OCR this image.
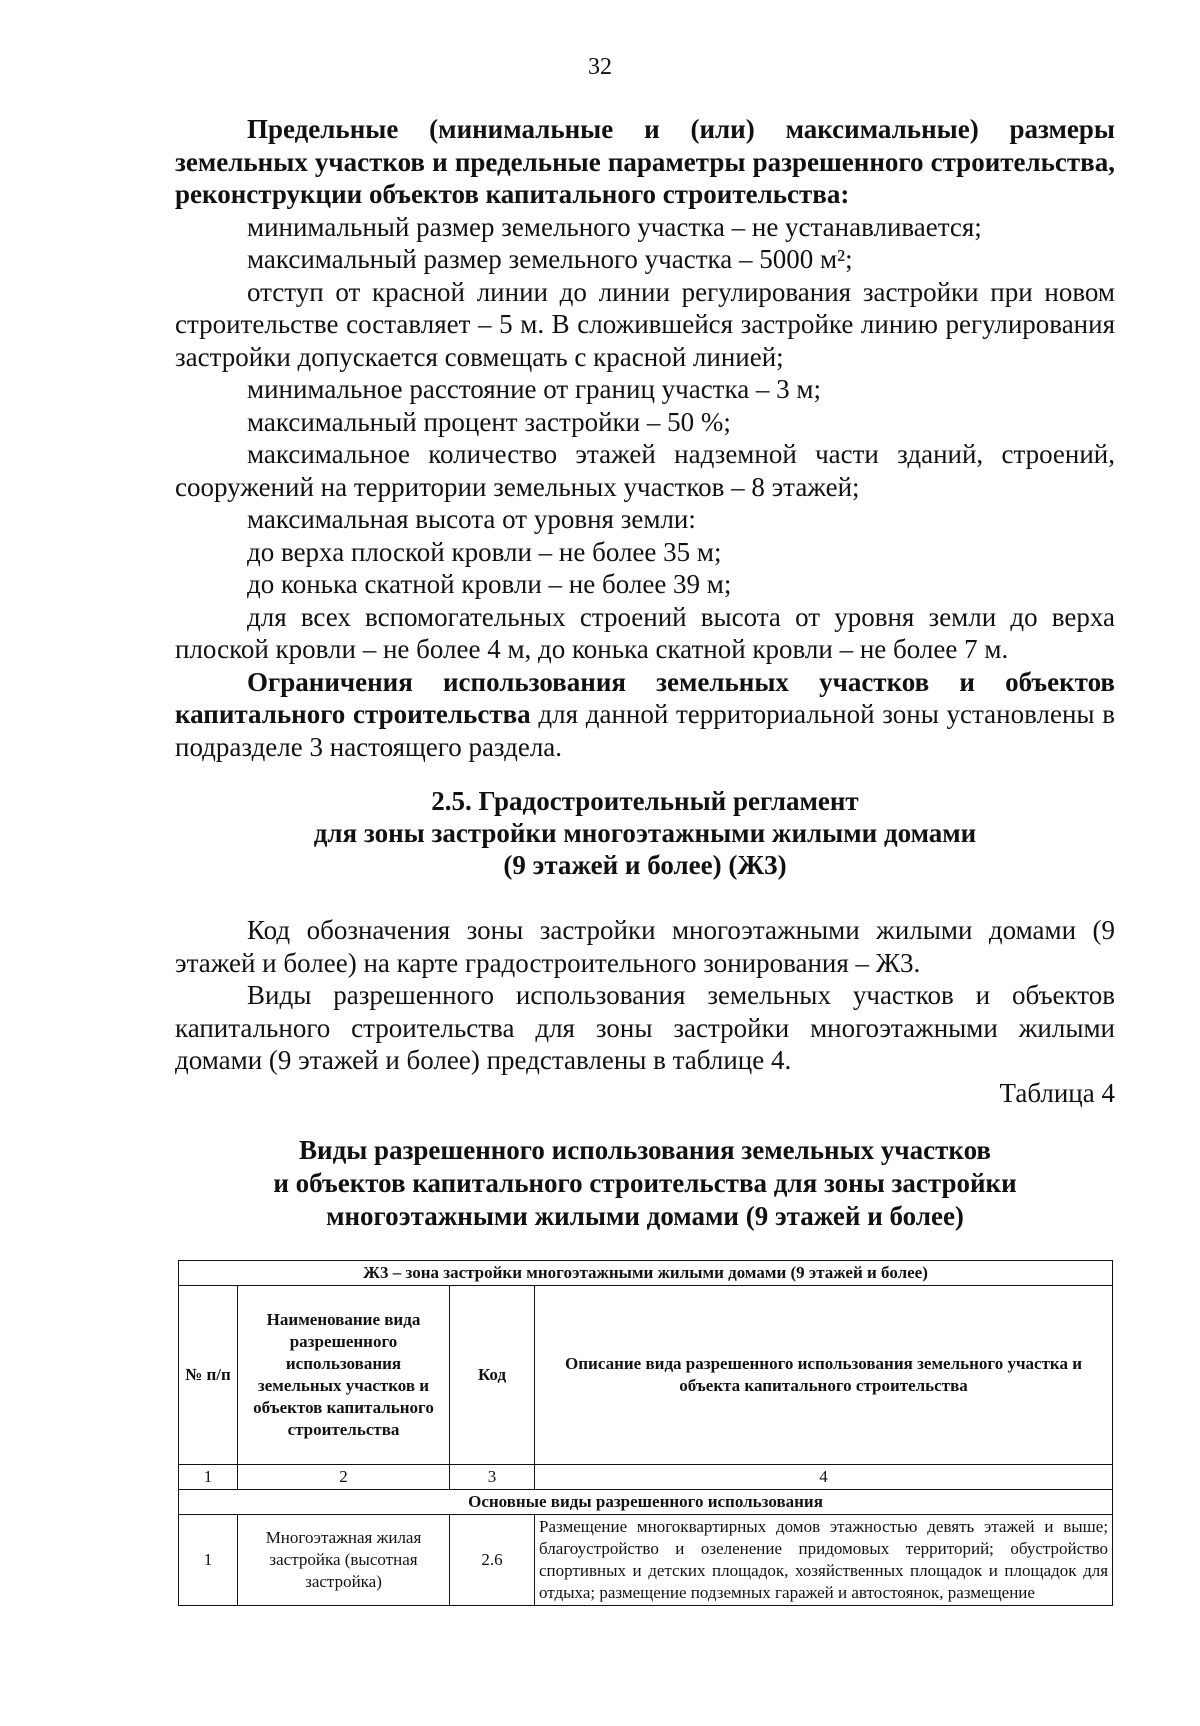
32

Предельные (минимальные и (или) максимальные) размеры земельных участков и предельные параметры разрешенного строительства, реконструкции объектов капитального строительства:

минимальный размер земельного участка – не устанавливается;

максимальный размер земельного участка – 5000 м²;

отступ от красной линии до линии регулирования застройки при новом строительстве составляет – 5 м. В сложившейся застройке линию регулирования застройки допускается совмещать с красной линией;

минимальное расстояние от границ участка – 3 м;

максимальный процент застройки – 50 %;

максимальное количество этажей надземной части зданий, строений, сооружений на территории земельных участков – 8 этажей;

максимальная высота от уровня земли:

до верха плоской кровли – не более 35 м;

до конька скатной кровли – не более 39 м;

для всех вспомогательных строений высота от уровня земли до верха плоской кровли – не более 4 м, до конька скатной кровли – не более 7 м.

Ограничения использования земельных участков и объектов капитального строительства для данной территориальной зоны установлены в подразделе 3 настоящего раздела.

2.5. Градостроительный регламент

для зоны застройки многоэтажными жилыми домами

(9 этажей и более) (Ж3)

Код обозначения зоны застройки многоэтажными жилыми домами (9 этажей и более) на карте градостроительного зонирования – Ж3.

Виды разрешенного использования земельных участков и объектов капитального строительства для зоны застройки многоэтажными жилыми домами (9 этажей и более) представлены в таблице 4.

Таблица 4

Виды разрешенного использования земельных участков

и объектов капитального строительства для зоны застройки

многоэтажными жилыми домами (9 этажей и более)

Ж3 – зона застройки многоэтажными жилыми домами (9 этажей и более)			
№ п/п	Наименование вида разрешенного использования земельных участков и объектов капитального строительства	Код	Описание вида разрешенного использования земельного участка и объекта капитального строительства
1	2	3	4
Основные виды разрешенного использования			
1	Многоэтажная жилая застройка (высотная застройка)	2.6	Размещение многоквартирных домов этажностью девять этажей и выше; благоустройство и озеленение придомовых территорий; обустройство спортивных и детских площадок, хозяйственных площадок и площадок для отдыха; размещение подземных гаражей и автостоянок, размещение
